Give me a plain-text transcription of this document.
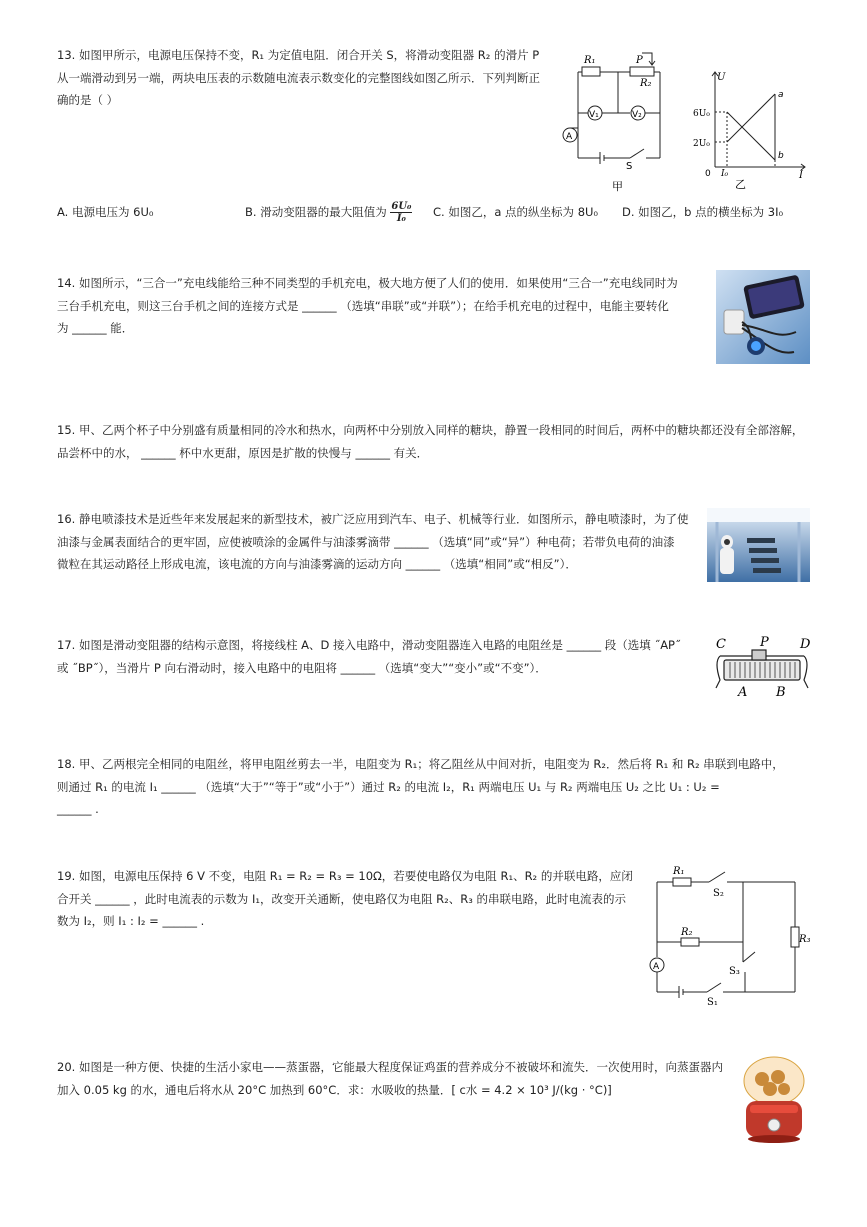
13. 如图甲所示，电源电压保持不变，R₁ 为定值电阻．闭合开关 S，将滑动变阻器 R₂ 的滑片 P

从一端滑动到另一端，两块电压表的示数随电流表示数变化的完整图线如图乙所示．下列判断正

确的是（ ）

R₁	P
R₂
V₁	V₂
A
S
甲
U
I
0 I₀
6U₀
2U₀
a
b
乙
A. 电源电压为 6U₀	B. 滑动变阻器的最大阻值为 $\frac{\text{6U₀}}{\text{I₀}} C$. 如图乙，a 点的纵坐标为 8U₀ D. 如图乙，b 点的横坐标为 3I₀

14. 如图所示，“三合一”充电线能给三种不同类型的手机充电，极大地方便了人们的使用．如果使用“三合一”充电线同时为

三台手机充电，则这三台手机之间的连接方式是 ______ （选填“串联”或“并联”）；在给手机充电的过程中，电能主要转化

为 ______ 能．

15. 甲、乙两个杯子中分别盛有质量相同的冷水和热水，向两杯中分别放入同样的糖块，静置一段相同的时间后，两杯中的糖块都还没有全部溶解，

品尝杯中的水， ______ 杯中水更甜，原因是扩散的快慢与 ______ 有关．

16. 静电喷漆技术是近些年来发展起来的新型技术，被广泛应用到汽车、电子、机械等行业．如图所示，静电喷漆时，为了使

油漆与金属表面结合的更牢固，应使被喷涂的金属件与油漆雾滴带 ______ （选填“同”或“异”）种电荷；若带负电荷的油漆

微粒在其运动路径上形成电流，该电流的方向与油漆雾滴的运动方向 ______ （选填“相同”或“相反”）．

17. 如图是滑动变阻器的结构示意图，将接线柱 A、D 接入电路中，滑动变阻器连入电路的电阻丝是 ______ 段（选填 ˝AP˝

或 ˝BP˝），当滑片 P 向右滑动时，接入电路中的电阻将 ______ （选填“变大”“变小”或“不变”）．

C	P D
A B

18. 甲、乙两根完全相同的电阻丝，将甲电阻丝剪去一半，电阻变为 R₁；将乙阻丝从中间对折，电阻变为 R₂．然后将 R₁ 和 R₂ 串联到电路中，

则通过 R₁ 的电流 I₁ ______ （选填“大于”“等于”或“小于”）通过 R₂ 的电流 I₂，R₁ 两端电压 U₁ 与 R₂ 两端电压 U₂ 之比 U₁ : U₂ =

______ .

19. 如图，电源电压保持 6 V 不变，电阻 R₁ = R₂ = R₃ = 10Ω，若要使电路仅为电阻 R₁、R₂ 的并联电路，应闭

合开关 ______ ，此时电流表的示数为 I₁，改变开关通断，使电路仅为电阻 R₂、R₃ 的串联电路，此时电流表的示

数为 I₂，则 I₁ : I₂ = ______ .

R₁
S₂
R₂
R₃
S₃
S₁
A

20. 如图是一种方便、快捷的生活小家电——蒸蛋器，它能最大程度保证鸡蛋的营养成分不被破坏和流失．一次使用时，向蒸蛋器内

加入 0.05 kg 的水，通电后将水从 20°C 加热到 60°C．求：水吸收的热量．[ c水 = 4.2 × 10³ J/(kg · °C)]
